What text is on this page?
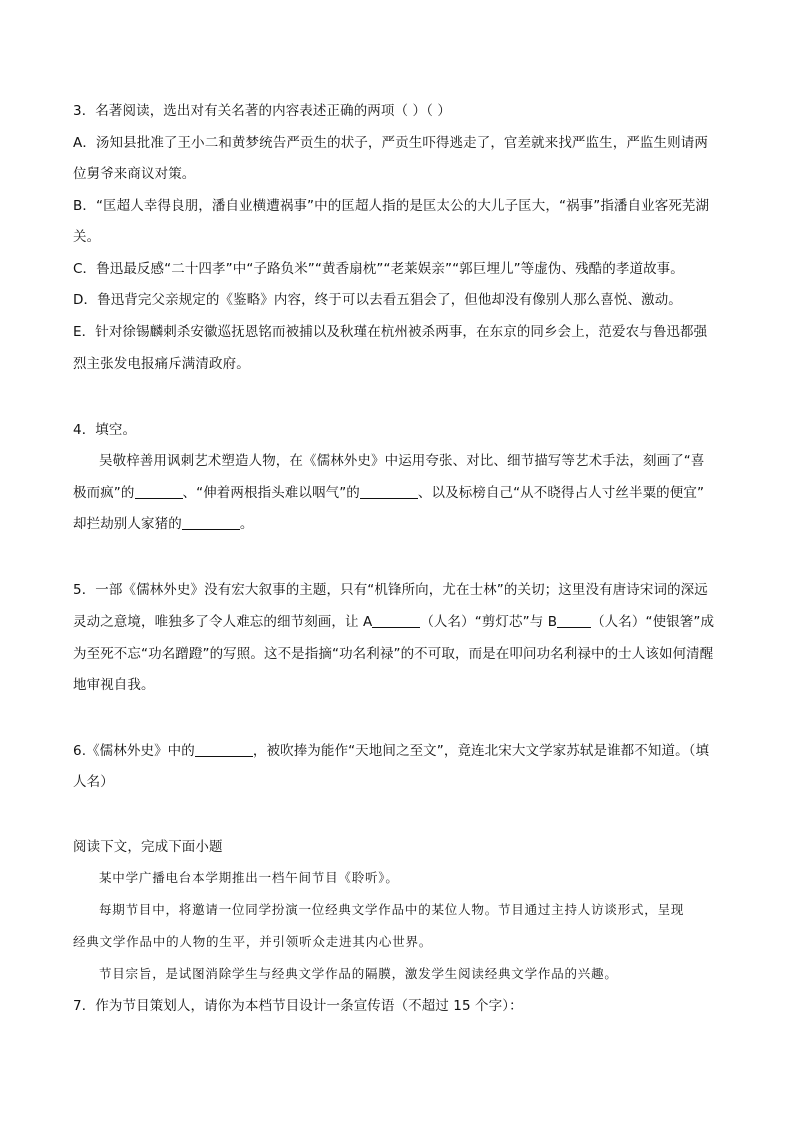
3．名著阅读，选出对有关名著的内容表述正确的两项（ ）（ ）
A．汤知县批准了王小二和黄梦统告严贡生的状子，严贡生吓得逃走了，官差就来找严监生，严监生则请两
位舅爷来商议对策。
B．“匡超人幸得良朋，潘自业横遭祸事”中的匡超人指的是匡太公的大儿子匡大，“祸事”指潘自业客死芜湖
关。
C．鲁迅最反感“二十四孝”中“子路负米”“黄香扇枕”“老莱娱亲”“郭巨埋儿”等虚伪、残酷的孝道故事。
D．鲁迅背完父亲规定的《鉴略》内容，终于可以去看五猖会了，但他却没有像别人那么喜悦、激动。
E．针对徐锡麟刺杀安徽巡抚恩铭而被捕以及秋瑾在杭州被杀两事，在东京的同乡会上，范爱农与鲁迅都强
烈主张发电报痛斥满清政府。
4．填空。
吴敬梓善用讽刺艺术塑造人物，在《儒林外史》中运用夸张、对比、细节描写等艺术手法，刻画了“喜
极而疯”的	、“伸着两根指头难以咽气”的	、以及标榜自己“从不晓得占人寸丝半粟的便宜”
却拦劫别人家猪的	。
5．一部《儒林外史》没有宏大叙事的主题，只有“机锋所向，尤在士林”的关切；这里没有唐诗宋词的深远
灵动之意境，唯独多了令人难忘的细节刻画，让 A	（人名）“剪灯芯”与 B	（人名）“使银箸”成
为至死不忘“功名蹭蹬”的写照。这不是指摘“功名利禄”的不可取，而是在叩问功名利禄中的士人该如何清醒
地审视自我。
6.《儒林外史》中的	，被吹捧为能作“天地间之至文”，竟连北宋大文学家苏轼是谁都不知道。（填
人名）
阅读下文，完成下面小题
某中学广播电台本学期推出一档午间节目《聆听》。
每期节目中，将邀请一位同学扮演一位经典文学作品中的某位人物。节目通过主持人访谈形式，呈现
经典文学作品中的人物的生平，并引领听众走进其内心世界。
节目宗旨，是试图消除学生与经典文学作品的隔膜，激发学生阅读经典文学作品的兴趣。
7．作为节目策划人，请你为本档节目设计一条宣传语（不超过 15 个字）：
